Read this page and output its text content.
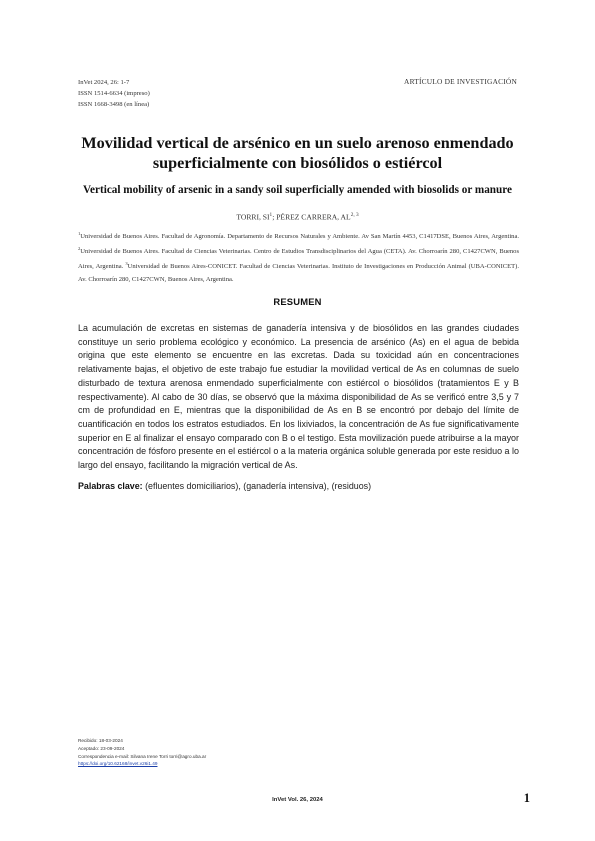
InVet 2024, 26: 1-7
ISSN 1514-6634 (impreso)
ISSN 1668-3498 (en línea)
ARTÍCULO DE INVESTIGACIÓN
Movilidad vertical de arsénico en un suelo arenoso enmendado
superficialmente con biosólidos o estiércol
Vertical mobility of arsenic in a sandy soil superficially amended with biosolids or manure
TORRI, $SI^1$; PÉREZ CARRERA, AL$^{2, 3}$
$^1$Universidad de Buenos Aires. Facultad de Agronomía. Departamento de Recursos Naturales y Ambiente. Av San Martín 4453, C1417DSE, Buenos Aires, Argentina. $^2$Universidad de Buenos Aires. Facultad de Ciencias Veterinarias. Centro de Estudios Transdisciplinarios del Agua (CETA). Av. Chorroarín 280, C1427CWN, Buenos Aires, Argentina. $^3$Universidad de Buenos Aires-CONICET. Facultad de Ciencias Veterinarias. Instituto de Investigaciones en Producción Animal (UBA-CONICET). Av. Chorroarín 280, C1427CWN, Buenos Aires, Argentina.
RESUMEN
La acumulación de excretas en sistemas de ganadería intensiva y de biosólidos en las grandes ciudades constituye un serio problema ecológico y económico. La presencia de arsénico (As) en el agua de bebida origina que este elemento se encuentre en las excretas. Dada su toxicidad aún en concentraciones relativamente bajas, el objetivo de este trabajo fue estudiar la movilidad vertical de As en columnas de suelo disturbado de textura arenosa enmendado superficialmente con estiércol o biosólidos (tratamientos E y B respectivamente). Al cabo de 30 días, se observó que la máxima disponibilidad de As se verificó entre 3,5 y 7 cm de profundidad en E, mientras que la disponibilidad de As en B se encontró por debajo del límite de cuantificación en todos los estratos estudiados. En los lixiviados, la concentración de As fue significativamente superior en E al finalizar el ensayo comparado con B o el testigo. Esta movilización puede atribuirse a la mayor concentración de fósforo presente en el estiércol o a la materia orgánica soluble generada por este residuo a lo largo del ensayo, facilitando la migración vertical de As.
Palabras clave: (efluentes domiciliarios), (ganadería intensiva), (residuos)
Recibido: 18-03-2024
Aceptado: 23-09-2024
Correspondencia e-mail: Silvana Irene Torri torri@agro.uba.ar
https://doi.org/10.62168/invet.v26i1.49
InVet Vol. 26, 2024	1
